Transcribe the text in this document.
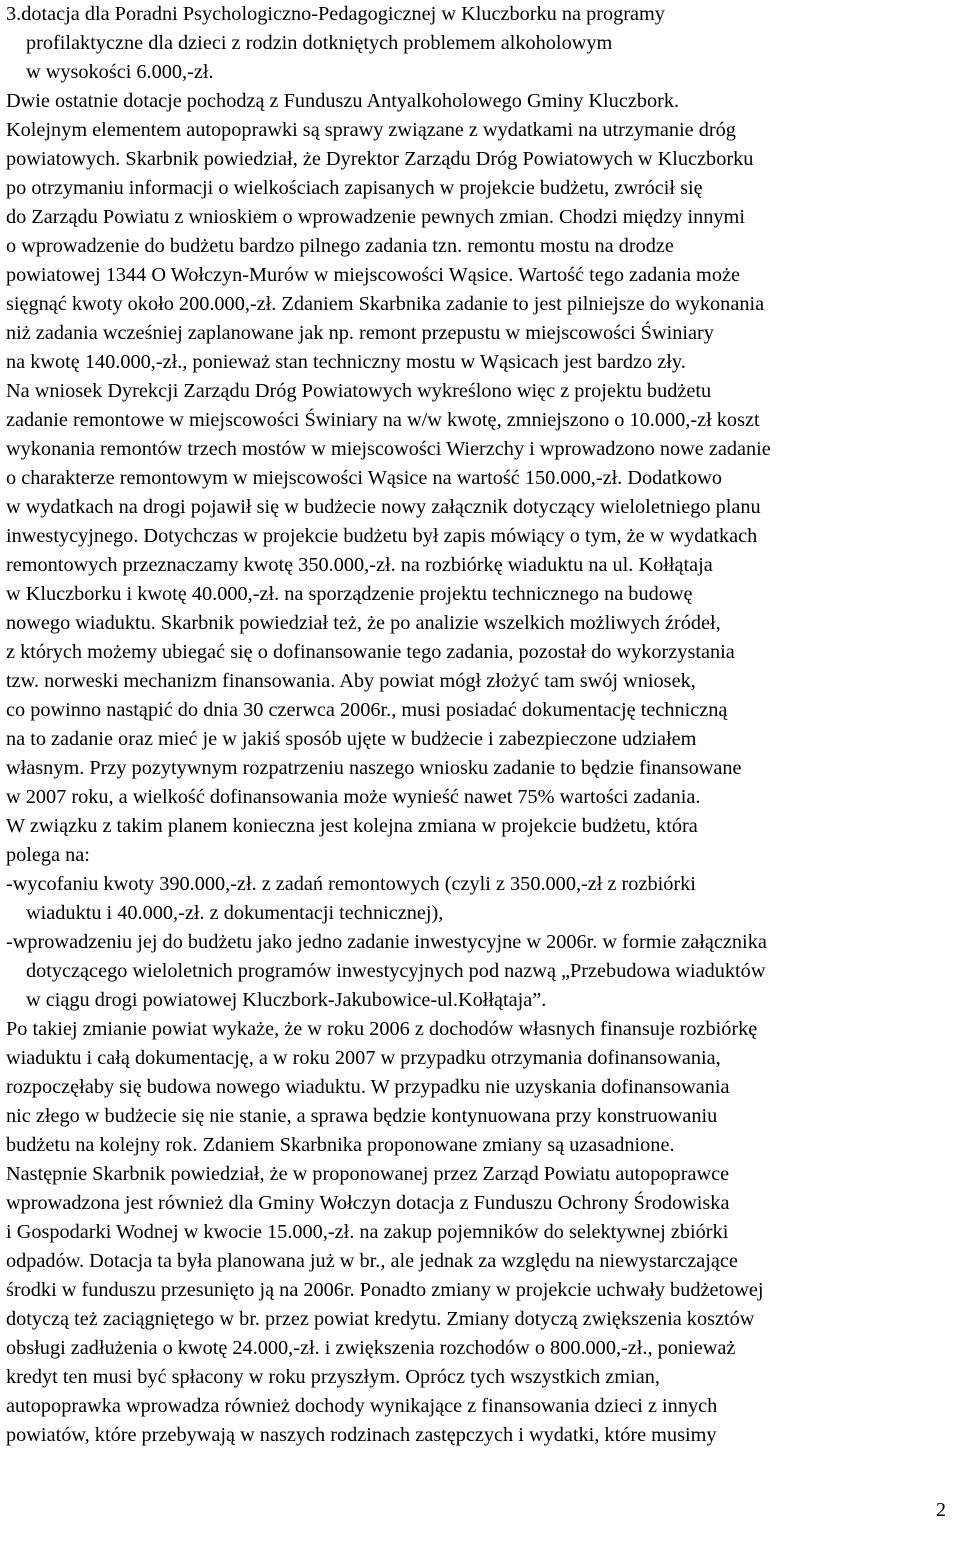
3.dotacja dla Poradni Psychologiczno-Pedagogicznej w Kluczborku na programy
profilaktyczne dla dzieci z rodzin dotkniętych problemem alkoholowym
w wysokości 6.000,-zł.
Dwie ostatnie dotacje pochodzą z Funduszu Antyalkoholowego Gminy Kluczbork.
Kolejnym elementem autopoprawki są sprawy związane z wydatkami na utrzymanie dróg
powiatowych. Skarbnik powiedział, że Dyrektor Zarządu Dróg Powiatowych w Kluczborku
po otrzymaniu informacji o wielkościach zapisanych w projekcie budżetu, zwrócił się
do Zarządu Powiatu z wnioskiem o wprowadzenie pewnych zmian. Chodzi między innymi
o wprowadzenie do budżetu bardzo pilnego zadania tzn. remontu mostu na drodze
powiatowej 1344 O Wołczyn-Murów w miejscowości Wąsice. Wartość tego zadania może
sięgnąć kwoty około 200.000,-zł. Zdaniem Skarbnika zadanie to jest pilniejsze do wykonania
niż zadania wcześniej zaplanowane jak np. remont przepustu w miejscowości Świniary
na kwotę 140.000,-zł., ponieważ stan techniczny mostu w Wąsicach jest bardzo zły.
Na wniosek Dyrekcji Zarządu Dróg Powiatowych wykreślono więc z projektu budżetu
zadanie remontowe w miejscowości Świniary na w/w kwotę, zmniejszono o 10.000,-zł koszt
wykonania remontów trzech mostów w miejscowości Wierzchy i wprowadzono nowe zadanie
o charakterze remontowym w miejscowości Wąsice na wartość 150.000,-zł. Dodatkowo
w wydatkach na drogi pojawił się w budżecie nowy załącznik dotyczący wieloletniego planu
inwestycyjnego. Dotychczas w projekcie budżetu był zapis mówiący o tym, że w wydatkach
remontowych przeznaczamy kwotę 350.000,-zł. na rozbiórkę wiaduktu na ul. Kołłątaja
w Kluczborku i kwotę 40.000,-zł. na sporządzenie projektu technicznego na budowę
nowego wiaduktu. Skarbnik powiedział też, że po analizie wszelkich możliwych źródeł,
z których możemy ubiegać się o dofinansowanie tego zadania, pozostał do wykorzystania
tzw. norweski mechanizm finansowania. Aby powiat mógł złożyć tam swój wniosek,
co powinno nastąpić do dnia 30 czerwca 2006r., musi posiadać dokumentację techniczną
na to zadanie oraz mieć je w jakiś sposób ujęte w budżecie i zabezpieczone udziałem
własnym. Przy pozytywnym rozpatrzeniu naszego wniosku zadanie to będzie finansowane
w 2007 roku, a wielkość dofinansowania może wynieść nawet 75% wartości zadania.
W związku z takim planem konieczna jest kolejna zmiana w projekcie budżetu, która
polega na:
-wycofaniu kwoty 390.000,-zł. z zadań remontowych (czyli z 350.000,-zł z rozbiórki
wiaduktu i 40.000,-zł. z dokumentacji technicznej),
-wprowadzeniu jej do budżetu jako jedno zadanie inwestycyjne w 2006r. w formie załącznika
dotyczącego wieloletnich programów inwestycyjnych pod nazwą „Przebudowa wiaduktów
w ciągu drogi powiatowej Kluczbork-Jakubowice-ul.Kołłątaja”.
Po takiej zmianie powiat wykaże, że w roku 2006 z dochodów własnych finansuje rozbiórkę
wiaduktu i całą dokumentację, a w roku 2007 w przypadku otrzymania dofinansowania,
rozpoczęłaby się budowa nowego wiaduktu. W przypadku nie uzyskania dofinansowania
nic złego w budżecie się nie stanie, a sprawa będzie kontynuowana przy konstruowaniu
budżetu na kolejny rok. Zdaniem Skarbnika proponowane zmiany są uzasadnione.
Następnie Skarbnik powiedział, że w proponowanej przez Zarząd Powiatu autopoprawce
wprowadzona jest również dla Gminy Wołczyn dotacja z Funduszu Ochrony Środowiska
i Gospodarki Wodnej w kwocie 15.000,-zł. na zakup pojemników do selektywnej zbiórki
odpadów. Dotacja ta była planowana już w br., ale jednak za względu na niewystarczające
środki w funduszu przesunięto ją na 2006r. Ponadto zmiany w projekcie uchwały budżetowej
dotyczą też zaciągniętego w br. przez powiat kredytu. Zmiany dotyczą zwiększenia kosztów
obsługi zadłużenia o kwotę 24.000,-zł. i zwiększenia rozchodów o 800.000,-zł., ponieważ
kredyt ten musi być spłacony w roku przyszłym. Oprócz tych wszystkich zmian,
autopoprawka wprowadza również dochody wynikające z finansowania dzieci z innych
powiatów, które przebywają w naszych rodzinach zastępczych i wydatki, które musimy
2
